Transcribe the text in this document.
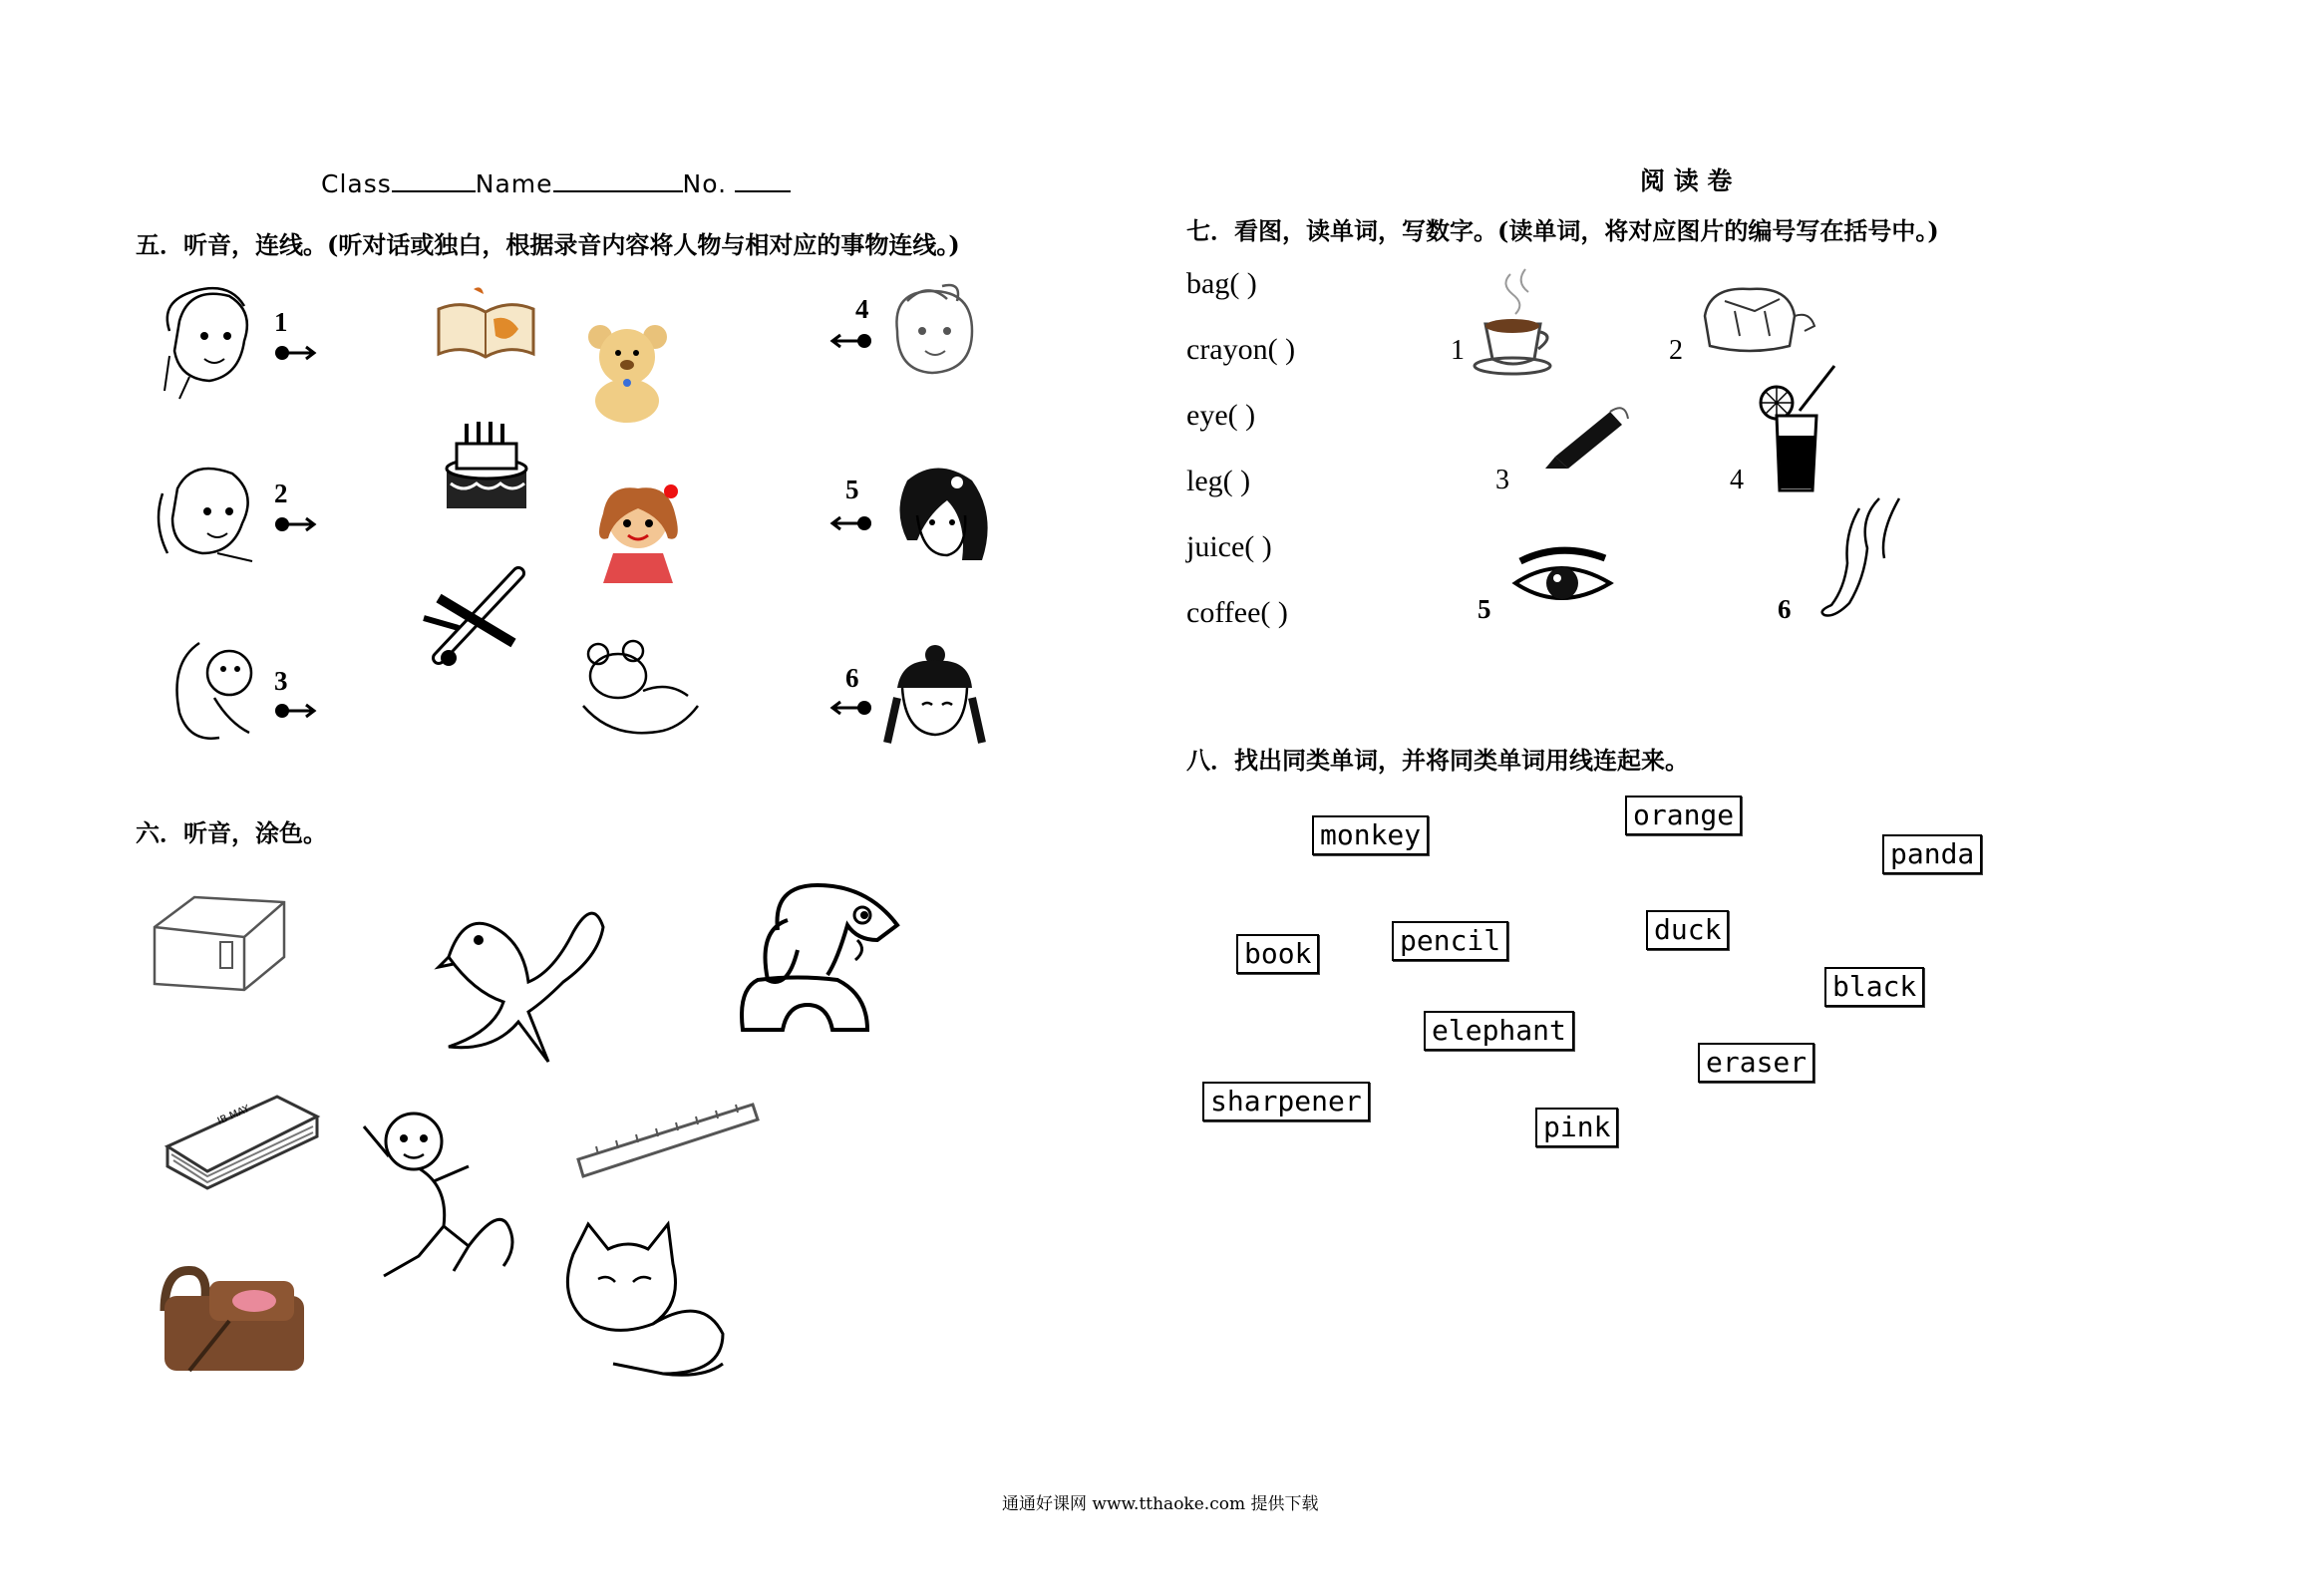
Class	Name	No.
五．听音，连线。(听对话或独白，根据录音内容将人物与相对应的事物连线。)
1
2
3
4
5
6
六．听音，涂色。
IB MAY
阅 读 卷
七．看图，读单词，写数字。(读单词，将对应图片的编号写在括号中。)
bag( )
crayon( )
eye( )
leg( )
juice( )
coffee( )
1	2
3	4
5	6
八．找出同类单词，并将同类单词用线连起来。
monkey
orange
panda
book	pencil	duck
black
elephant
eraser
sharpener
pink
通通好课网 www.tthaoke.com 提供下载
